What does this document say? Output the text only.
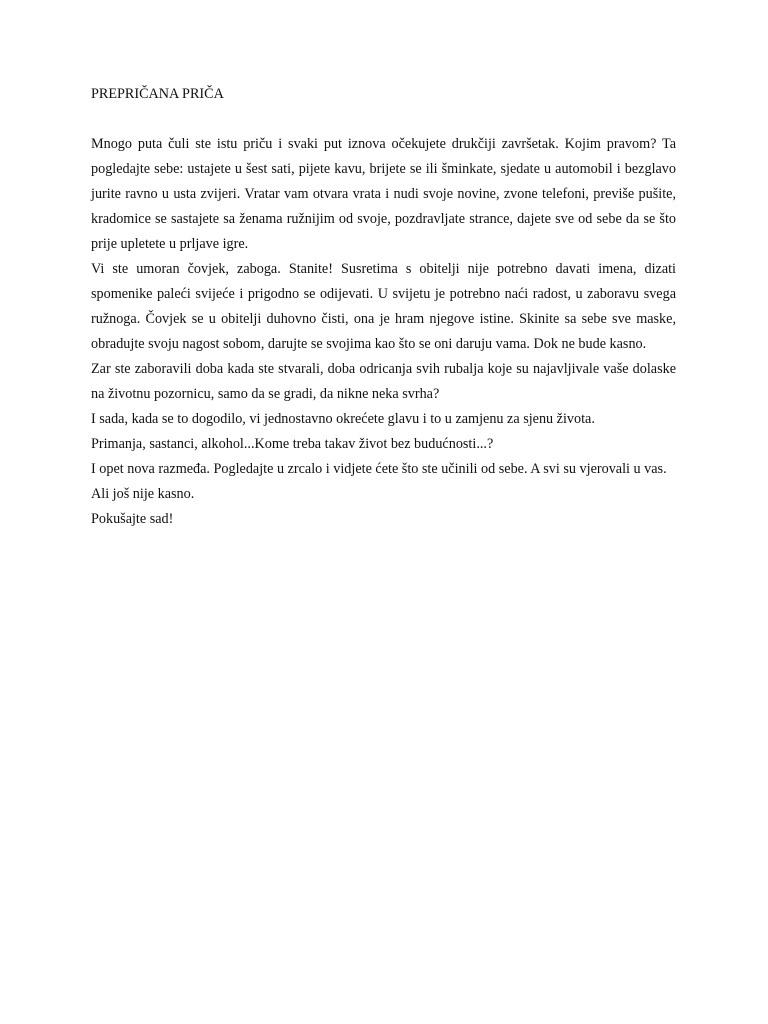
PREPRIČANA PRIČA

Mnogo puta čuli ste istu priču i svaki put iznova očekujete drukčiji završetak. Kojim pravom? Ta pogledajte sebe: ustajete u šest sati, pijete kavu, brijete se ili šminkate, sjedate u automobil i bezglavo jurite ravno u usta zvijeri. Vratar vam otvara vrata i nudi svoje novine, zvone telefoni, previše pušite, kradomice se sastajete sa ženama ružnijim od svoje, pozdravljate strance, dajete sve od sebe da se što prije upletete u prljave igre.

Vi ste umoran čovjek, zaboga. Stanite! Susretima s obitelji nije potrebno davati imena, dizati spomenike paleći svijeće i prigodno se odijevati. U svijetu je potrebno naći radost, u zaboravu svega ružnoga. Čovjek se u obitelji duhovno čisti, ona je hram njegove istine. Skinite sa sebe sve maske, obradujte svoju nagost sobom, darujte se svojima kao što se oni daruju vama. Dok ne bude kasno.

Zar ste zaboravili doba kada ste stvarali, doba odricanja svih rubalja koje su najavljivale vaše dolaske na životnu pozornicu, samo da se gradi, da nikne neka svrha?

I sada, kada se to dogodilo, vi jednostavno okrećete glavu i to u zamjenu za sjenu života.

Primanja, sastanci, alkohol...Kome treba takav život bez budućnosti...?

I opet nova razmeđa. Pogledajte u zrcalo i vidjete ćete što ste učinili od sebe. A svi su vjerovali u vas.

Ali još nije kasno.

Pokušajte sad!
